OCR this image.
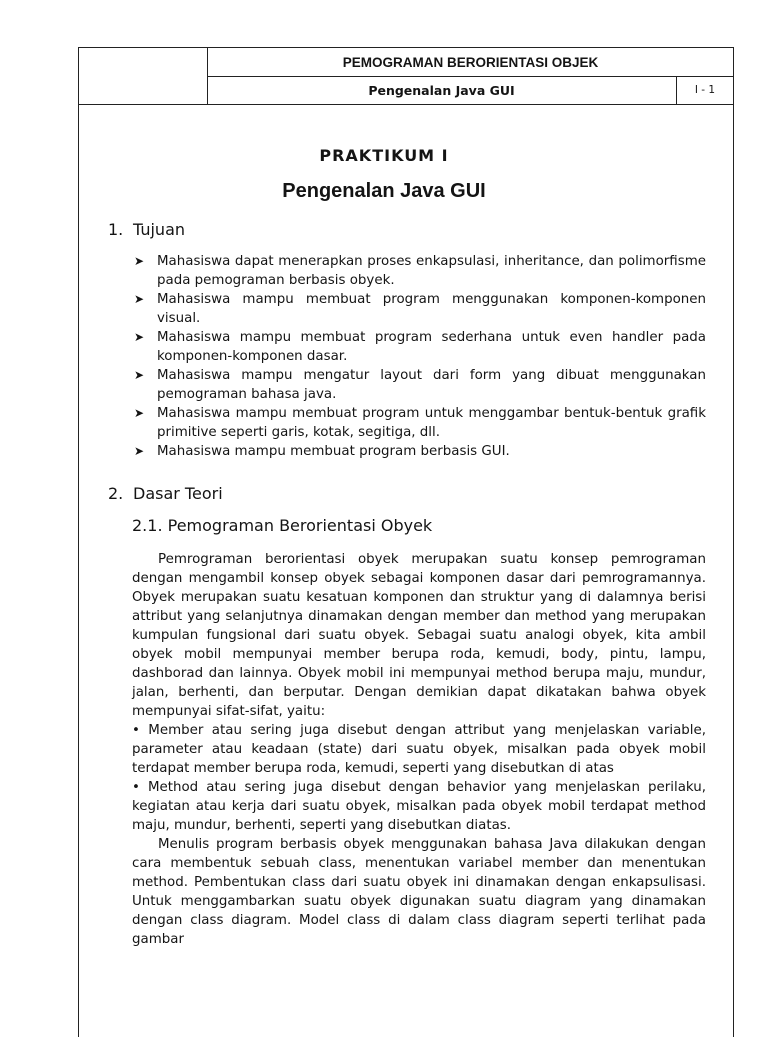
PEMOGRAMAN BERORIENTASI OBJEK
Pengenalan Java GUI	I - 1
PRAKTIKUM I
Pengenalan Java GUI
1. Tujuan
➤ Mahasiswa dapat menerapkan proses enkapsulasi, inheritance, dan polimorfisme pada pemograman berbasis obyek.
➤ Mahasiswa mampu membuat program menggunakan komponen-komponen visual.
➤ Mahasiswa mampu membuat program sederhana untuk even handler pada komponen-komponen dasar.
➤ Mahasiswa mampu mengatur layout dari form yang dibuat menggunakan pemograman bahasa java.
➤ Mahasiswa mampu membuat program untuk menggambar bentuk-bentuk grafik primitive seperti garis, kotak, segitiga, dll.
➤ Mahasiswa mampu membuat program berbasis GUI.
2. Dasar Teori
2.1. Pemograman Berorientasi Obyek

Pemrograman berorientasi obyek merupakan suatu konsep pemrograman dengan mengambil konsep obyek sebagai komponen dasar dari pemrogramannya. Obyek merupakan suatu kesatuan komponen dan struktur yang di dalamnya berisi attribut yang selanjutnya dinamakan dengan member dan method yang merupakan kumpulan fungsional dari suatu obyek. Sebagai suatu analogi obyek, kita ambil obyek mobil mempunyai member berupa roda, kemudi, body, pintu, lampu, dashborad dan lainnya. Obyek mobil ini mempunyai method berupa maju, mundur, jalan, berhenti, dan berputar. Dengan demikian dapat dikatakan bahwa obyek mempunyai sifat-sifat, yaitu:

• Member atau sering juga disebut dengan attribut yang menjelaskan variable, parameter atau keadaan (state) dari suatu obyek, misalkan pada obyek mobil terdapat member berupa roda, kemudi, seperti yang disebutkan di atas

• Method atau sering juga disebut dengan behavior yang menjelaskan perilaku, kegiatan atau kerja dari suatu obyek, misalkan pada obyek mobil terdapat method maju, mundur, berhenti, seperti yang disebutkan diatas.

Menulis program berbasis obyek menggunakan bahasa Java dilakukan dengan cara membentuk sebuah class, menentukan variabel member dan menentukan method. Pembentukan class dari suatu obyek ini dinamakan dengan enkapsulisasi. Untuk menggambarkan suatu obyek digunakan suatu diagram yang dinamakan dengan class diagram. Model class di dalam class diagram seperti terlihat pada gambar
